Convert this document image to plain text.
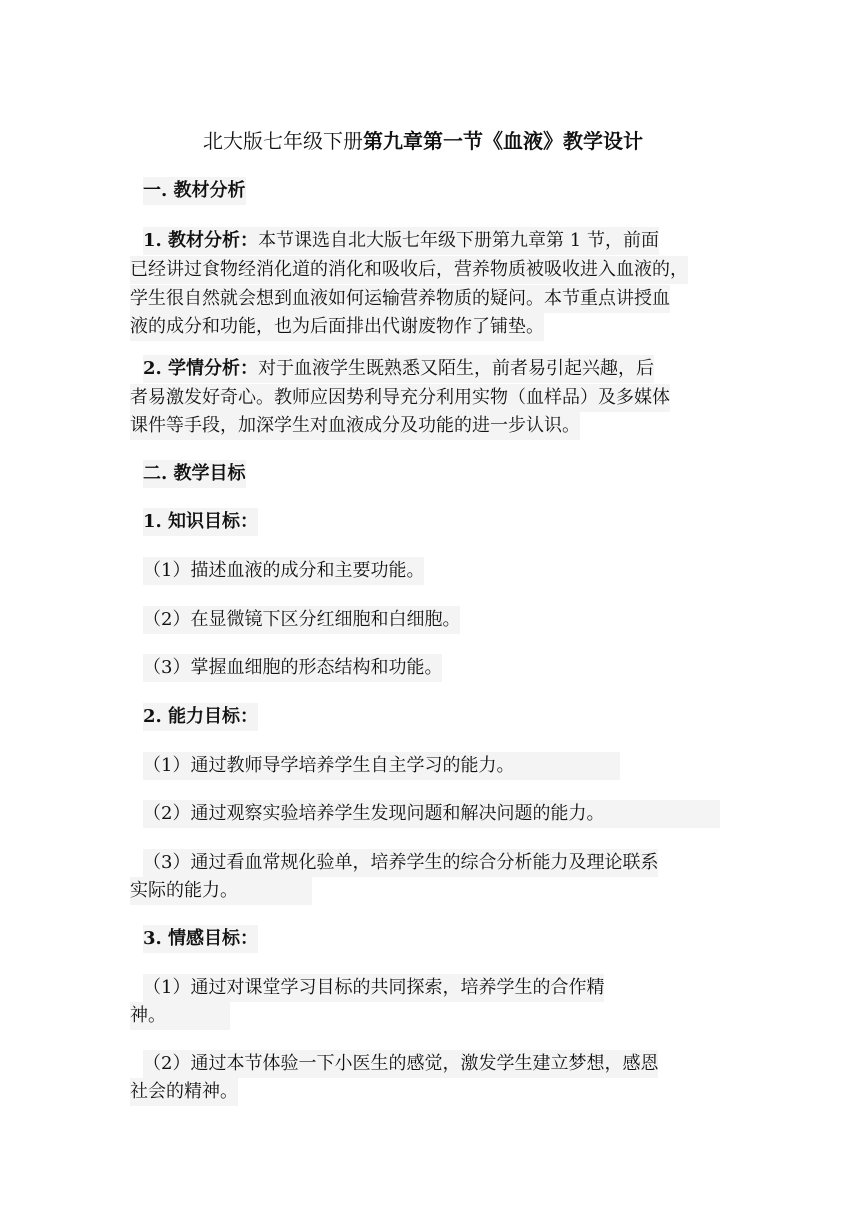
北大版七年级下册第九章第一节《血液》教学设计
一. 教材分析
1. 教材分析：本节课选自北大版七年级下册第九章第 1 节，前面
已经讲过食物经消化道的消化和吸收后，营养物质被吸收进入血液的，
学生很自然就会想到血液如何运输营养物质的疑问。本节重点讲授血
液的成分和功能，也为后面排出代谢废物作了铺垫。
2. 学情分析：对于血液学生既熟悉又陌生，前者易引起兴趣，后
者易激发好奇心。教师应因势利导充分利用实物（血样品）及多媒体
课件等手段，加深学生对血液成分及功能的进一步认识。
二. 教学目标
1. 知识目标：
（1）描述血液的成分和主要功能。
（2）在显微镜下区分红细胞和白细胞。
（3）掌握血细胞的形态结构和功能。
2. 能力目标：
（1）通过教师导学培养学生自主学习的能力。
（2）通过观察实验培养学生发现问题和解决问题的能力。
（3）通过看血常规化验单，培养学生的综合分析能力及理论联系
实际的能力。
3. 情感目标：
（1）通过对课堂学习目标的共同探索，培养学生的合作精
神。
（2）通过本节体验一下小医生的感觉，激发学生建立梦想，感恩
社会的精神。
